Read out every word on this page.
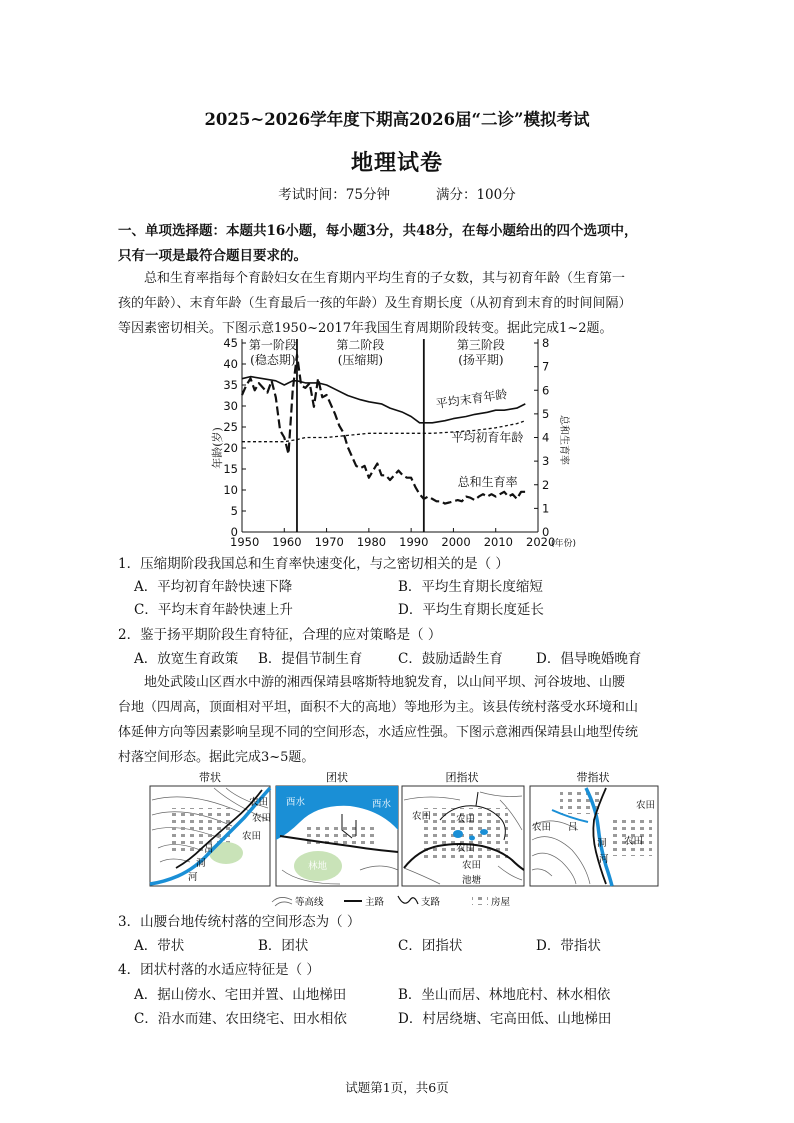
2025~2026学年度下期高2026届“二诊”模拟考试
地理试卷
考试时间：75分钟	满分：100分
一、单项选择题：本题共16小题，每小题3分，共48分，在每小题给出的四个选项中，
只有一项是最符合题目要求的。
总和生育率指每个育龄妇女在生育期内平均生育的子女数，其与初育年龄（生育第一
孩的年龄）、末育年龄（生育最后一孩的年龄）及生育期长度（从初育到末育的时间间隔）
等因素密切相关。下图示意1950~2017年我国生育周期阶段转变。据此完成1~2题。
0
5
10
15
20
25
30
35
40
45
0
1
2
3
4
5
6
7
8
1950 1960 1970 1980 1990 2000 2010 2020
(年份)
第一阶段
(稳态期)
第二阶段
(压缩期)
第三阶段
(扬平期)
年龄(岁)	总和生育率
平均末育年龄
平均初育年龄
总和生育率
1．压缩期阶段我国总和生育率快速变化，与之密切相关的是（ ）
A．平均初育年龄快速下降	B．平均生育期长度缩短
C．平均末育年龄快速上升	D．平均生育期长度延长
2．鉴于扬平期阶段生育特征，合理的应对策略是（ ）
A．放宽生育政策 B．提倡节制生育	C．鼓励适龄生育 D．倡导晚婚晚育
地处武陵山区酉水中游的湘西保靖县喀斯特地貌发育，以山间平坝、河谷坡地、山腰
台地（四周高，顶面相对平坦，面积不大的高地）等地形为主。该县传统村落受水环境和山
体延伸方向等因素影响呈现不同的空间形态，水适应性强。下图示意湘西保靖县山地型传统
村落空间形态。据此完成3~5题。
带状	团状	团指状	带指状
农田
农田
农田
吕
洞
河
酉水	酉水
林地
农田	农田
农田
农田
池塘
农田
农田
农田
吕
洞
河
等高线	主路	支路	房屋
3．山腰台地传统村落的空间形态为（ ）
A．带状	B．团状	C．团指状	D．带指状
4．团状村落的水适应特征是（ ）
A．据山傍水、宅田并置、山地梯田	B．坐山而居、林地庇村、林水相依
C．沿水而建、农田绕宅、田水相依	D．村居绕塘、宅高田低、山地梯田
试题第1页，共6页
